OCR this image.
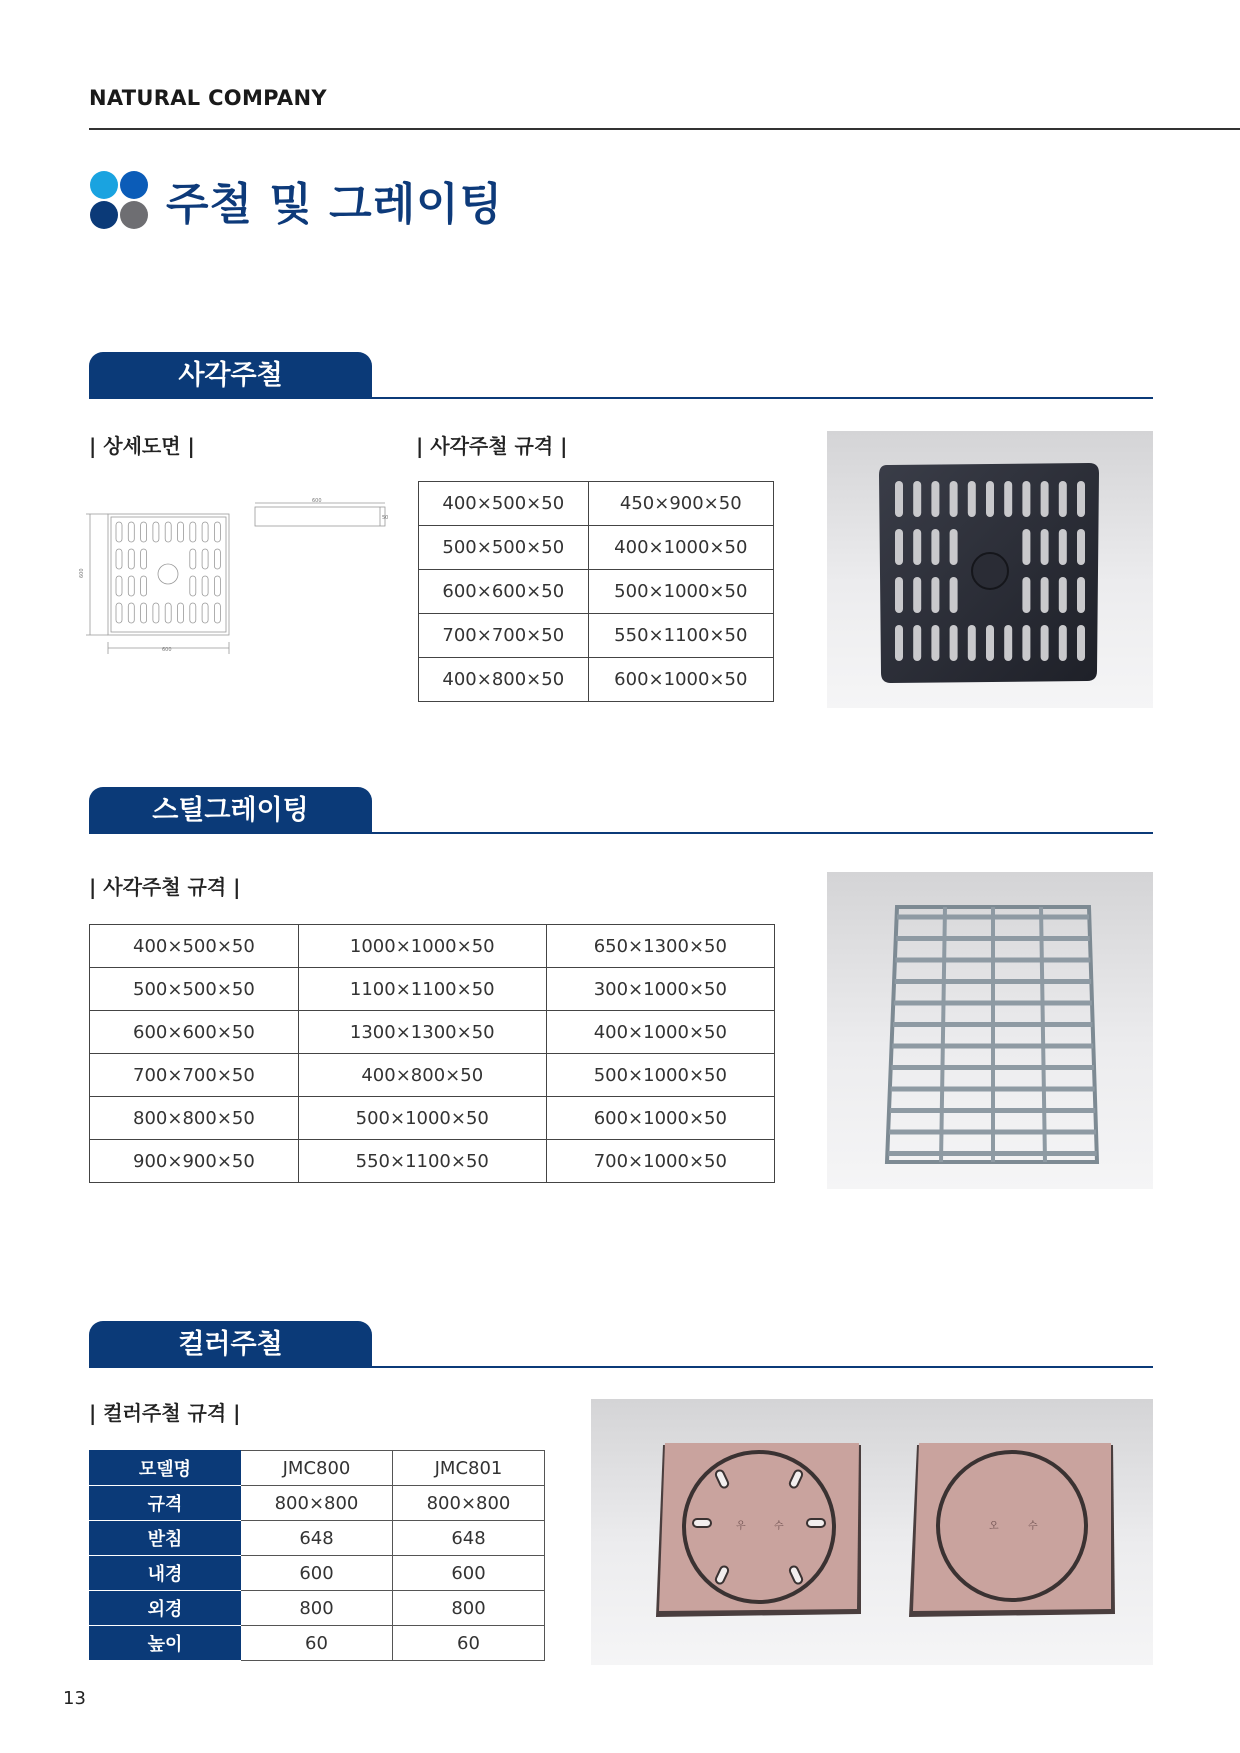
NATURAL COMPANY
주철 및 그레이팅
사각주철
| 상세도면 |	| 사각주철 규격 |
600
600
600
50
400×500×50	450×900×50
500×500×50	400×1000×50
600×600×50	500×1000×50
700×700×50	550×1100×50
400×800×50	600×1000×50
스틸그레이팅
| 사각주철 규격 |
400×500×50	1000×1000×50	650×1300×50
500×500×50	1100×1100×50	300×1000×50
600×600×50	1300×1300×50	400×1000×50
700×700×50	400×800×50	500×1000×50
800×800×50	500×1000×50	600×1000×50
900×900×50	550×1100×50	700×1000×50
컬러주철
| 컬러주철 규격 |
모델명	JMC800	JMC801
규격	800×800	800×800
받침	648	648
내경	600	600
외경	800	800
높이	60	60
우	수	오	수
13
